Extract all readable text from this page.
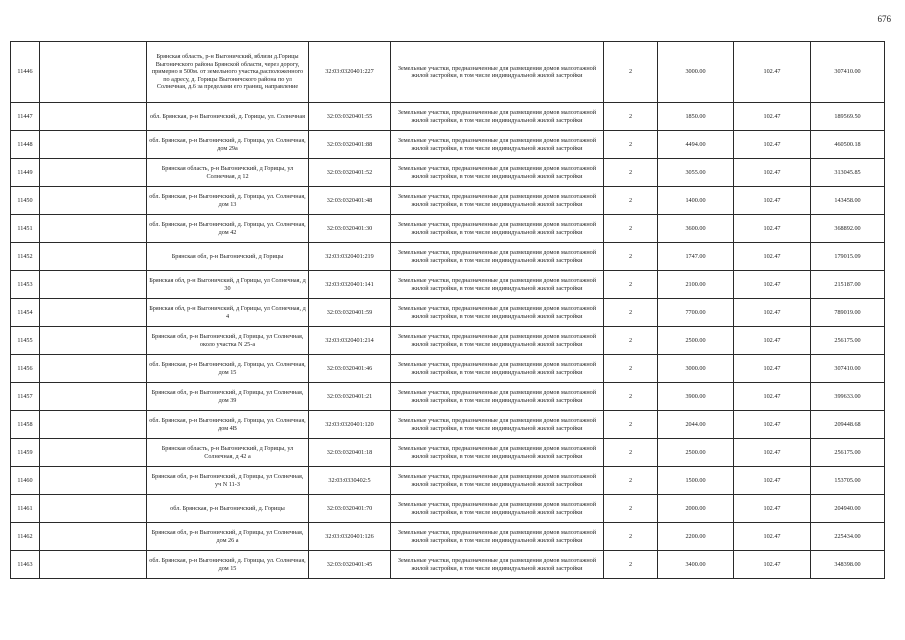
676
11446		Брянская область, р-н Выгоничский, вблизи д.Горицы Выгоничского района Брянской области, через дорогу, примерно в 500м. от земельного участка,расположенного по адресу, д. Горицы Выгоничского района по ул Солнечная, д.6 за пределами его границ, направление	32:03:0320401:227	Земельные участки, предназначенные для размещения домов малоэтажной жилой застройки, в том числе индивидуальной жилой застройки	2	3000.00	102.47	307410.00
11447		обл. Брянская, р-н Выгоничский, д. Горицы, ул. Солнечная	32:03:0320401:55	Земельные участки, предназначенные для размещения домов малоэтажной жилой застройки, в том числе индивидуальной жилой застройки	2	1850.00	102.47	189569.50
11448		обл. Брянская, р-н Выгоничский, д. Горицы, ул. Солнечная, дом 29а	32:03:0320401:88	Земельные участки, предназначенные для размещения домов малоэтажной жилой застройки, в том числе индивидуальной жилой застройки	2	4494.00	102.47	460500.18
11449		Брянская область, р-н Выгоничский, д Горицы, ул Солнечная, д 12	32:03:0320401:52	Земельные участки, предназначенные для размещения домов малоэтажной жилой застройки, в том числе индивидуальной жилой застройки	2	3055.00	102.47	313045.85
11450		обл. Брянская, р-н Выгоничский, д. Горицы, ул. Солнечная, дом 13	32:03:0320401:48	Земельные участки, предназначенные для размещения домов малоэтажной жилой застройки, в том числе индивидуальной жилой застройки	2	1400.00	102.47	143458.00
11451		обл. Брянская, р-н Выгоничский, д. Горицы, ул. Солнечная, дом 42	32:03:0320401:30	Земельные участки, предназначенные для размещения домов малоэтажной жилой застройки, в том числе индивидуальной жилой застройки	2	3600.00	102.47	368892.00
11452		Брянская обл, р-н Выгоничский, д Горицы	32:03:0320401:219	Земельные участки, предназначенные для размещения домов малоэтажной жилой застройки, в том числе индивидуальной жилой застройки	2	1747.00	102.47	179015.09
11453		Брянская обл, р-н Выгоничский, д Горицы, ул Солнечная, д 30	32:03:0320401:141	Земельные участки, предназначенные для размещения домов малоэтажной жилой застройки, в том числе индивидуальной жилой застройки	2	2100.00	102.47	215187.00
11454		Брянская обл, р-н Выгоничский, д Горицы, ул Солнечная, д 4	32:03:0320401:59	Земельные участки, предназначенные для размещения домов малоэтажной жилой застройки, в том числе индивидуальной жилой застройки	2	7700.00	102.47	789019.00
11455		Брянская обл, р-н Выгоничский, д Горицы, ул Солнечная, около участка N 25-а	32:03:0320401:214	Земельные участки, предназначенные для размещения домов малоэтажной жилой застройки, в том числе индивидуальной жилой застройки	2	2500.00	102.47	256175.00
11456		обл. Брянская, р-н Выгоничский, д. Горицы, ул. Солнечная, дом 15	32:03:0320401:46	Земельные участки, предназначенные для размещения домов малоэтажной жилой застройки, в том числе индивидуальной жилой застройки	2	3000.00	102.47	307410.00
11457		Брянская обл, р-н Выгоничский, д Горицы, ул Солнечная, дом 39	32:03:0320401:21	Земельные участки, предназначенные для размещения домов малоэтажной жилой застройки, в том числе индивидуальной жилой застройки	2	3900.00	102.47	399633.00
11458		обл. Брянская, р-н Выгоничский, д. Горицы, ул. Солнечная, дом 4В	32:03:0320401:120	Земельные участки, предназначенные для размещения домов малоэтажной жилой застройки, в том числе индивидуальной жилой застройки	2	2044.00	102.47	209448.68
11459		Брянская область, р-н Выгоничский, д Горицы, ул Солнечная, д 42 а	32:03:0320401:18	Земельные участки, предназначенные для размещения домов малоэтажной жилой застройки, в том числе индивидуальной жилой застройки	2	2500.00	102.47	256175.00
11460		Брянская обл, р-н Выгоничский, д Горицы, ул Солнечная, уч N 11-З	32:03:0330402:5	Земельные участки, предназначенные для размещения домов малоэтажной жилой застройки, в том числе индивидуальной жилой застройки	2	1500.00	102.47	153705.00
11461		обл. Брянская, р-н Выгоничский, д. Горицы	32:03:0320401:70	Земельные участки, предназначенные для размещения домов малоэтажной жилой застройки, в том числе индивидуальной жилой застройки	2	2000.00	102.47	204940.00
11462		Брянская обл, р-н Выгоничский, д Горицы, ул Солнечная, дом 26 а	32:03:0320401:126	Земельные участки, предназначенные для размещения домов малоэтажной жилой застройки, в том числе индивидуальной жилой застройки	2	2200.00	102.47	225434.00
11463		обл. Брянская, р-н Выгоничский, д. Горицы, ул. Солнечная, дом 15	32:03:0320401:45	Земельные участки, предназначенные для размещения домов малоэтажной жилой застройки, в том числе индивидуальной жилой застройки	2	3400.00	102.47	348398.00
